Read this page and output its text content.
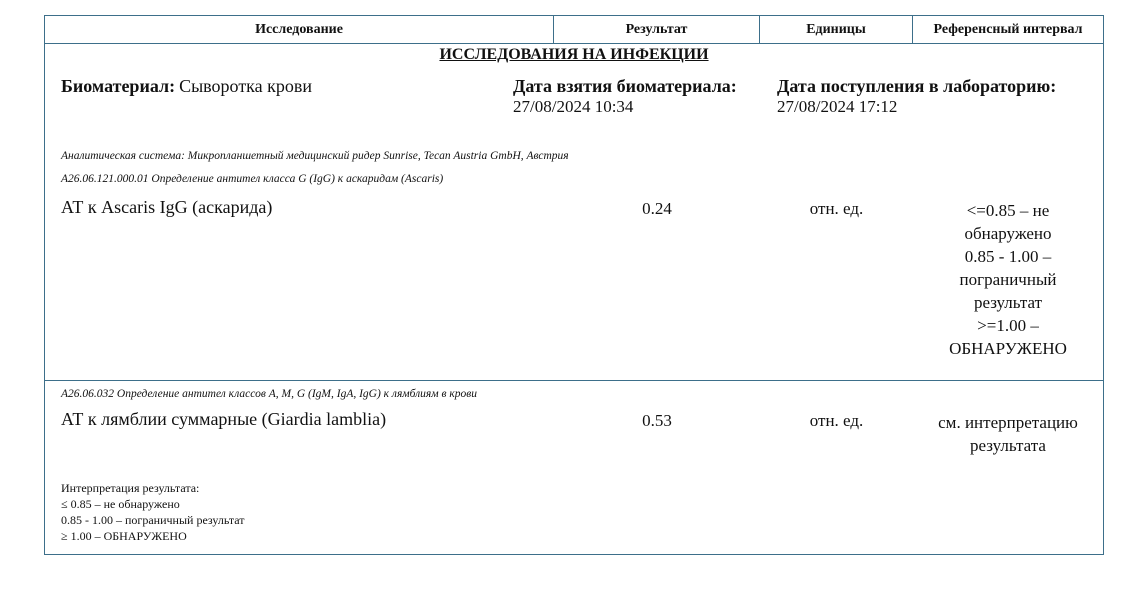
Исследование	Результат	Единицы	Референсный интервал
ИССЛЕДОВАНИЯ НА ИНФЕКЦИИ
Биоматериал: Сыворотка крови	Дата взятия биоматериала:
27/08/2024 10:34
Дата поступления в лабораторию:
27/08/2024 17:12
Аналитическая система: Микропланшетный медицинский ридер Sunrise, Tecan Austria GmbH, Австрия
A26.06.121.000.01 Определение антител класса G (IgG) к аскаридам (Ascaris)
АТ к Ascaris IgG (аскарида)	0.24	отн. ед.	<=0.85 – не
обнаружено
0.85 - 1.00 –
пограничный
результат
>=1.00 –
ОБНАРУЖЕНО
A26.06.032 Определение антител классов A, M, G (IgM, IgA, IgG) к лямблиям в крови
АТ к лямблии суммарные (Giardia lamblia)	0.53	отн. ед.	см. интерпретацию
результата
Интерпретация результата:
≤ 0.85 – не обнаружено
0.85 - 1.00 – пограничный результат
≥ 1.00 – ОБНАРУЖЕНО
